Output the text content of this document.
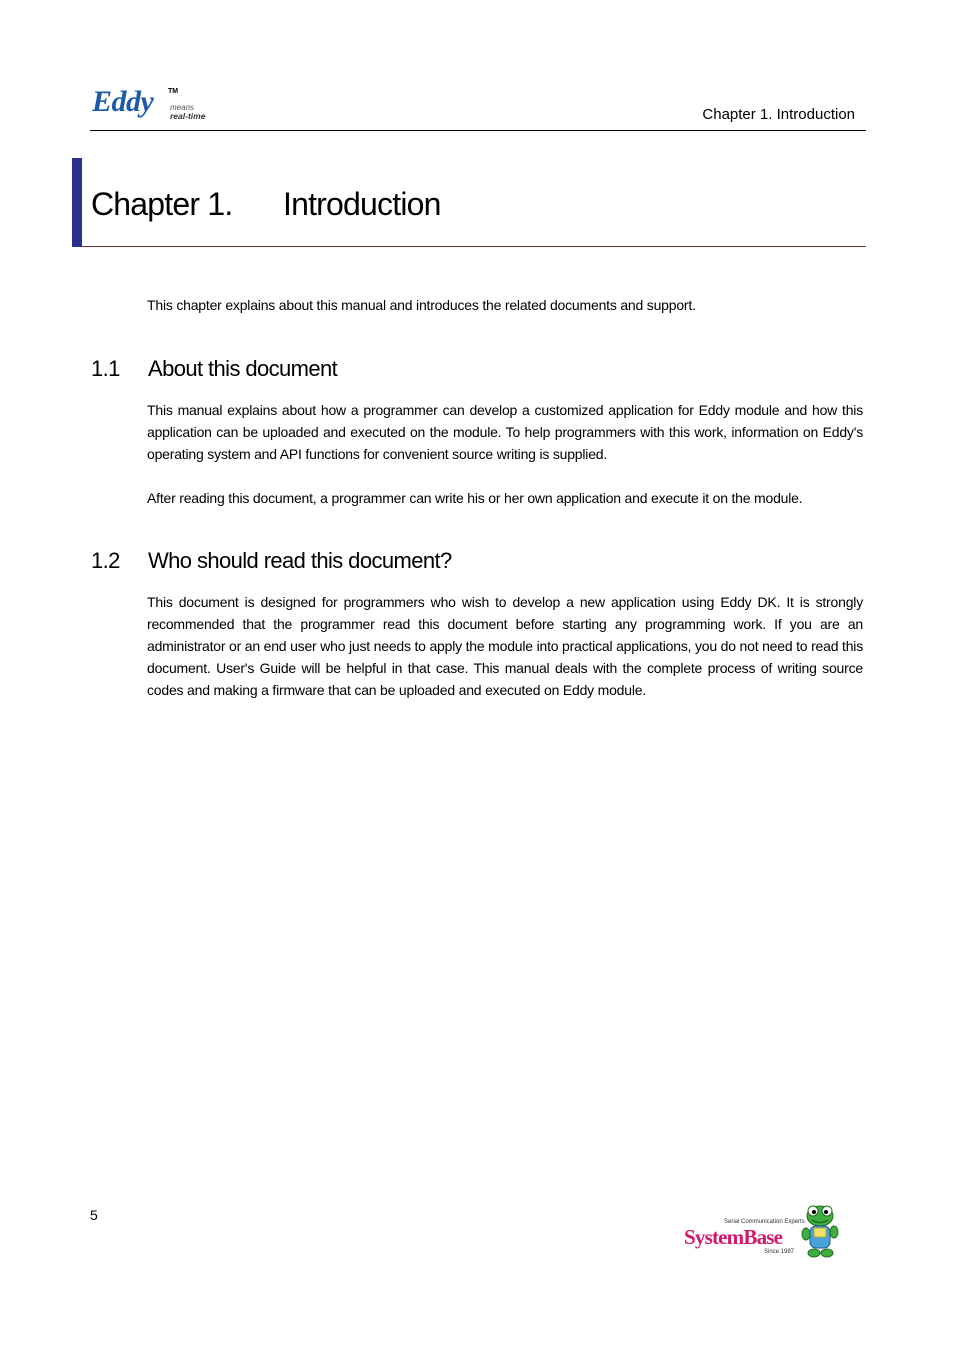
Eddy TM
means
real-time	Chapter 1. Introduction
Chapter 1. Introduction
This chapter explains about this manual and introduces the related documents and support.
1.1 About this document
This manual explains about how a programmer can develop a customized application for Eddy module and how this application can be uploaded and executed on the module. To help programmers with this work, information on Eddy's operating system and API functions for convenient source writing is supplied.
After reading this document, a programmer can write his or her own application and execute it on the module.
1.2 Who should read this document?
This document is designed for programmers who wish to develop a new application using Eddy DK. It is strongly recommended that the programmer read this document before starting any programming work. If you are an administrator or an end user who just needs to apply the module into practical applications, you do not need to read this document. User's Guide will be helpful in that case. This manual deals with the complete process of writing source codes and making a firmware that can be uploaded and executed on Eddy module.
5	Serial Communication Experts
SystemBase
Since 1987
